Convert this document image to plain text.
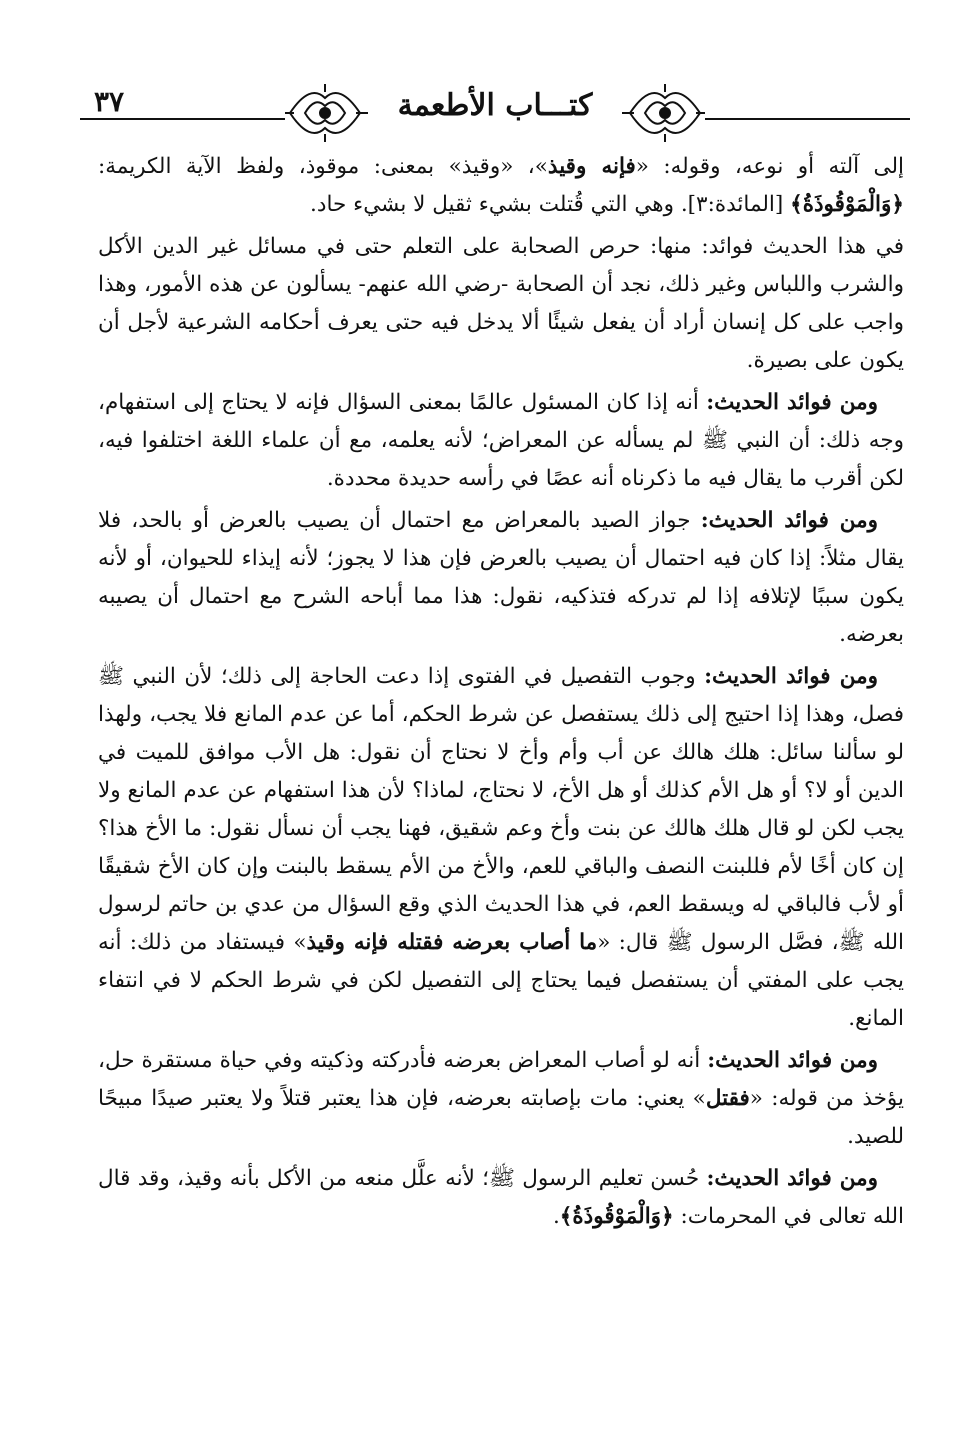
٣٧	كتـــاب الأطعمة

إلى آلته أو نوعه، وقوله: «فإنه وقيذ»، «وقيذ» بمعنى: موقوذ، ولفظ الآية الكريمة: ﴿وَالْمَوْقُوذَةُ﴾ [المائدة:٣]. وهي التي قُتلت بشيء ثقيل لا بشيء حاد.

في هذا الحديث فوائد: منها: حرص الصحابة على التعلم حتى في مسائل غير الدين الأكل والشرب واللباس وغير ذلك، نجد أن الصحابة -رضي الله عنهم- يسألون عن هذه الأمور، وهذا واجب على كل إنسان أراد أن يفعل شيئًا ألا يدخل فيه حتى يعرف أحكامه الشرعية لأجل أن يكون على بصيرة.

ومن فوائد الحديث: أنه إذا كان المسئول عالمًا بمعنى السؤال فإنه لا يحتاج إلى استفهام، وجه ذلك: أن النبي ﷺ لم يسأله عن المعراض؛ لأنه يعلمه، مع أن علماء اللغة اختلفوا فيه، لكن أقرب ما يقال فيه ما ذكرناه أنه عصًا في رأسه حديدة محددة.

ومن فوائد الحديث: جواز الصيد بالمعراض مع احتمال أن يصيب بالعرض أو بالحد، فلا يقال مثلاً: إذا كان فيه احتمال أن يصيب بالعرض فإن هذا لا يجوز؛ لأنه إيذاء للحيوان، أو لأنه يكون سببًا لإتلافه إذا لم تدركه فتذكيه، نقول: هذا مما أباحه الشرح مع احتمال أن يصيبه بعرضه.

ومن فوائد الحديث: وجوب التفصيل في الفتوى إذا دعت الحاجة إلى ذلك؛ لأن النبي ﷺ فصل، وهذا إذا احتيج إلى ذلك يستفصل عن شرط الحكم، أما عن عدم المانع فلا يجب، ولهذا لو سألنا سائل: هلك هالك عن أب وأم وأخ لا نحتاج أن نقول: هل الأب موافق للميت في الدين أو لا؟ أو هل الأم كذلك أو هل الأخ، لا نحتاج، لماذا؟ لأن هذا استفهام عن عدم المانع ولا يجب لكن لو قال هلك هالك عن بنت وأخ وعم شقيق، فهنا يجب أن نسأل نقول: ما الأخ هذا؟ إن كان أخًا لأم فللبنت النصف والباقي للعم، والأخ من الأم يسقط بالبنت وإن كان الأخ شقيقًا أو لأب فالباقي له ويسقط العم، في هذا الحديث الذي وقع السؤال من عدي بن حاتم لرسول الله ﷺ، فصَّل الرسول ﷺ قال: «ما أصاب بعرضه فقتله فإنه وقيذ» فيستفاد من ذلك: أنه يجب على المفتي أن يستفصل فيما يحتاج إلى التفصيل لكن في شرط الحكم لا في انتفاء المانع.

ومن فوائد الحديث: أنه لو أصاب المعراض بعرضه فأدركته وذكيته وفي حياة مستقرة حل، يؤخذ من قوله: «فقتل» يعني: مات بإصابته بعرضه، فإن هذا يعتبر قتلاً ولا يعتبر صيدًا مبيحًا للصيد.

ومن فوائد الحديث: حُسن تعليم الرسول ﷺ؛ لأنه علَّل منعه من الأكل بأنه وقيذ، وقد قال الله تعالى في المحرمات: ﴿وَالْمَوْقُوذَةُ﴾.
